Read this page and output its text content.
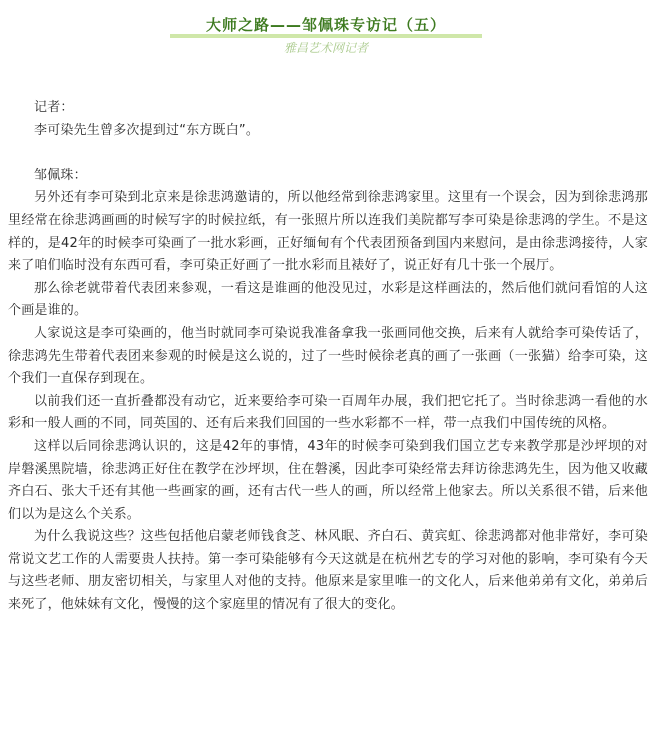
大师之路——邹佩珠专访记（五）
雅昌艺术网记者

记者：

李可染先生曾多次提到过“东方既白”。

邹佩珠：

另外还有李可染到北京来是徐悲鸿邀请的，所以他经常到徐悲鸿家里。这里有一个误会，因为到徐悲鸿那里经常在徐悲鸿画画的时候写字的时候拉纸，有一张照片所以连我们美院都写李可染是徐悲鸿的学生。不是这样的，是42年的时候李可染画了一批水彩画，正好缅甸有个代表团预备到国内来慰问，是由徐悲鸿接待，人家来了咱们临时没有东西可看，李可染正好画了一批水彩而且裱好了，说正好有几十张一个展厅。

那么徐老就带着代表团来参观，一看这是谁画的他没见过，水彩是这样画法的，然后他们就问看馆的人这个画是谁的。

人家说这是李可染画的，他当时就同李可染说我准备拿我一张画同他交换，后来有人就给李可染传话了，徐悲鸿先生带着代表团来参观的时候是这么说的，过了一些时候徐老真的画了一张画（一张猫）给李可染，这个我们一直保存到现在。

以前我们还一直折叠都没有动它，近来要给李可染一百周年办展，我们把它托了。当时徐悲鸿一看他的水彩和一般人画的不同，同英国的、还有后来我们回国的一些水彩都不一样，带一点我们中国传统的风格。

这样以后同徐悲鸿认识的，这是42年的事情，43年的时候李可染到我们国立艺专来教学那是沙坪坝的对岸磐溪黑院墙，徐悲鸿正好住在教学在沙坪坝，住在磐溪，因此李可染经常去拜访徐悲鸿先生，因为他又收藏齐白石、张大千还有其他一些画家的画，还有古代一些人的画，所以经常上他家去。所以关系很不错，后来他们以为是这么个关系。

为什么我说这些？这些包括他启蒙老师钱食芝、林风眠、齐白石、黄宾虹、徐悲鸿都对他非常好，李可染常说文艺工作的人需要贵人扶持。第一李可染能够有今天这就是在杭州艺专的学习对他的影响，李可染有今天与这些老师、朋友密切相关，与家里人对他的支持。他原来是家里唯一的文化人，后来他弟弟有文化，弟弟后来死了，他妹妹有文化，慢慢的这个家庭里的情况有了很大的变化。
